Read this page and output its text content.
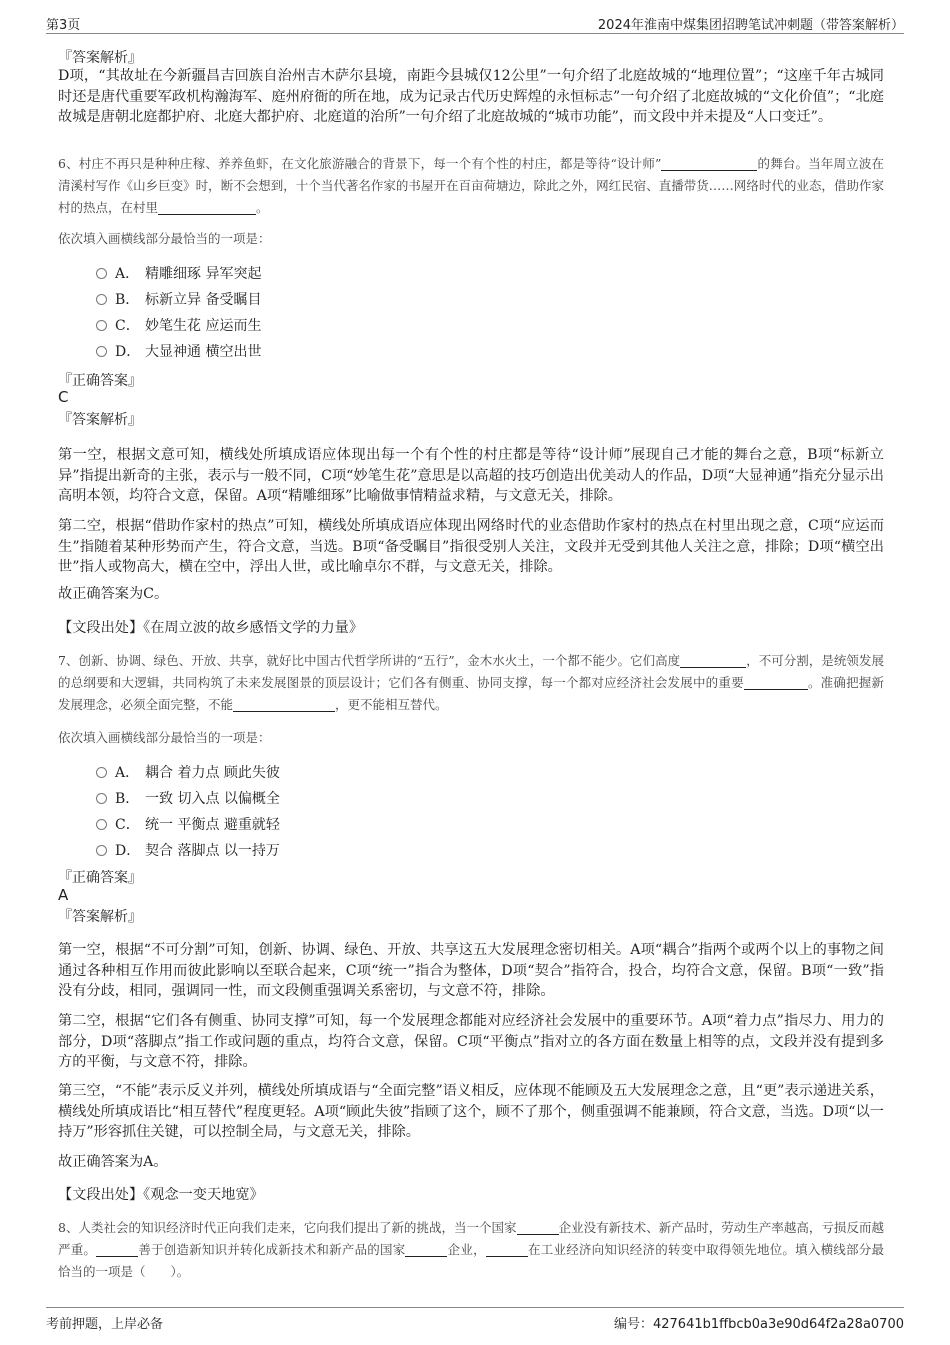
第3页	2024年淮南中煤集团招聘笔试冲刺题（带答案解析）
『答案解析』
D项，“其故址在今新疆昌吉回族自治州吉木萨尔县境，南距今县城仅12公里”一句介绍了北庭故城的“地理位置”；“这座千年古城同时还是唐代重要军政机构瀚海军、庭州府衙的所在地，成为记录古代历史辉煌的永恒标志”一句介绍了北庭故城的“文化价值”；“北庭故城是唐朝北庭都护府、北庭大都护府、北庭道的治所”一句介绍了北庭故城的“城市功能”，而文段中并未提及“人口变迁”。
6、村庄不再只是种种庄稼、养养鱼虾，在文化旅游融合的背景下，每一个有个性的村庄，都是等待“设计师”	的舞台。当年周立波在清溪村写作《山乡巨变》时，断不会想到，十个当代著名作家的书屋开在百亩荷塘边，除此之外，网红民宿、直播带货……网络时代的业态，借助作家村的热点，在村里	。
依次填入画横线部分最恰当的一项是：
A． 精雕细琢 异军突起
B． 标新立异 备受瞩目
C． 妙笔生花 应运而生
D． 大显神通 横空出世
『正确答案』
C
『答案解析』
第一空，根据文意可知，横线处所填成语应体现出每一个有个性的村庄都是等待“设计师”展现自己才能的舞台之意，B项“标新立异”指提出新奇的主张，表示与一般不同，C项“妙笔生花”意思是以高超的技巧创造出优美动人的作品，D项“大显神通”指充分显示出高明本领，均符合文意，保留。A项“精雕细琢”比喻做事情精益求精，与文意无关，排除。
第二空，根据“借助作家村的热点”可知，横线处所填成语应体现出网络时代的业态借助作家村的热点在村里出现之意，C项“应运而生”指随着某种形势而产生，符合文意，当选。B项“备受瞩目”指很受别人关注，文段并无受到其他人关注之意，排除；D项“横空出世”指人或物高大，横在空中，浮出人世，或比喻卓尔不群，与文意无关，排除。
故正确答案为C。
【文段出处】《在周立波的故乡感悟文学的力量》
7、创新、协调、绿色、开放、共享，就好比中国古代哲学所讲的“五行”，金木水火土，一个都不能少。它们高度	，不可分割，是统领发展的总纲要和大逻辑，共同构筑了未来发展图景的顶层设计；它们各有侧重、协同支撑，每一个都对应经济社会发展中的重要	。准确把握新发展理念，必须全面完整，不能	，更不能相互替代。
依次填入画横线部分最恰当的一项是：
A． 耦合 着力点 顾此失彼
B． 一致 切入点 以偏概全
C． 统一 平衡点 避重就轻
D． 契合 落脚点 以一持万
『正确答案』
A
『答案解析』
第一空，根据“不可分割”可知，创新、协调、绿色、开放、共享这五大发展理念密切相关。A项“耦合”指两个或两个以上的事物之间通过各种相互作用而彼此影响以至联合起来，C项“统一”指合为整体，D项“契合”指符合，投合，均符合文意，保留。B项“一致”指没有分歧，相同，强调同一性，而文段侧重强调关系密切，与文意不符，排除。
第二空，根据“它们各有侧重、协同支撑”可知，每一个发展理念都能对应经济社会发展中的重要环节。A项“着力点”指尽力、用力的部分，D项“落脚点”指工作或问题的重点，均符合文意，保留。C项“平衡点”指对立的各方面在数量上相等的点，文段并没有提到多方的平衡，与文意不符，排除。
第三空，“不能”表示反义并列，横线处所填成语与“全面完整”语义相反，应体现不能顾及五大发展理念之意，且“更”表示递进关系，横线处所填成语比“相互替代”程度更轻。A项“顾此失彼”指顾了这个，顾不了那个，侧重强调不能兼顾，符合文意，当选。D项“以一持万”形容抓住关键，可以控制全局，与文意无关，排除。
故正确答案为A。
【文段出处】《观念一变天地宽》
8、人类社会的知识经济时代正向我们走来，它向我们提出了新的挑战，当一个国家	企业没有新技术、新产品时，劳动生产率越高，亏损反而越严重。	善于创造新知识并转化成新技术和新产品的国家	企业，	在工业经济向知识经济的转变中取得领先地位。填入横线部分最恰当的一项是（　　）。
考前押题，上岸必备	编号：427641b1ffbcb0a3e90d64f2a28a0700
